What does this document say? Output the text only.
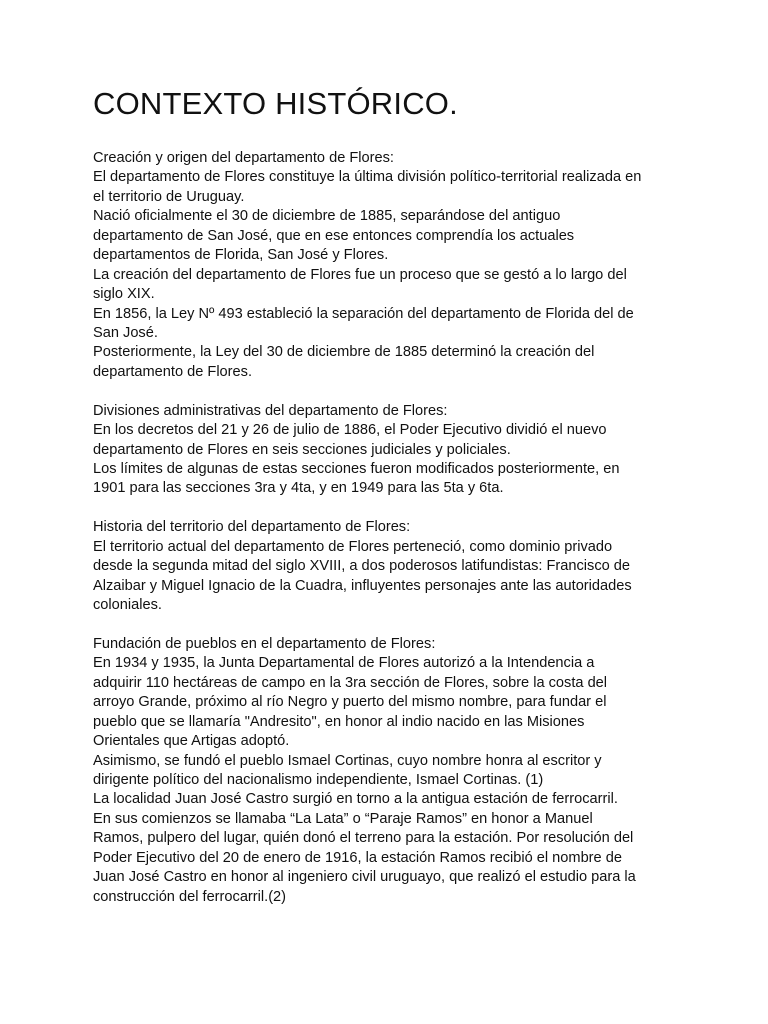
CONTEXTO HISTÓRICO.
Creación y origen del departamento de Flores:
El departamento de Flores constituye la última división político-territorial realizada en
el territorio de Uruguay.
Nació oficialmente el 30 de diciembre de 1885, separándose del antiguo
departamento de San José, que en ese entonces comprendía los actuales
departamentos de Florida, San José y Flores.
La creación del departamento de Flores fue un proceso que se gestó a lo largo del
siglo XIX.
En 1856, la Ley Nº 493 estableció la separación del departamento de Florida del de
San José.
Posteriormente, la Ley del 30 de diciembre de 1885 determinó la creación del
departamento de Flores.
Divisiones administrativas del departamento de Flores:
En los decretos del 21 y 26 de julio de 1886, el Poder Ejecutivo dividió el nuevo
departamento de Flores en seis secciones judiciales y policiales.
Los límites de algunas de estas secciones fueron modificados posteriormente, en
1901 para las secciones 3ra y 4ta, y en 1949 para las 5ta y 6ta.
Historia del territorio del departamento de Flores:
El territorio actual del departamento de Flores perteneció, como dominio privado
desde la segunda mitad del siglo XVIII, a dos poderosos latifundistas: Francisco de
Alzaibar y Miguel Ignacio de la Cuadra, influyentes personajes ante las autoridades
coloniales.
Fundación de pueblos en el departamento de Flores:
En 1934 y 1935, la Junta Departamental de Flores autorizó a la Intendencia a
adquirir 110 hectáreas de campo en la 3ra sección de Flores, sobre la costa del
arroyo Grande, próximo al río Negro y puerto del mismo nombre, para fundar el
pueblo que se llamaría "Andresito", en honor al indio nacido en las Misiones
Orientales que Artigas adoptó.
Asimismo, se fundó el pueblo Ismael Cortinas, cuyo nombre honra al escritor y
dirigente político del nacionalismo independiente, Ismael Cortinas. (1)
La localidad Juan José Castro surgió en torno a la antigua estación de ferrocarril.
En sus comienzos se llamaba “La Lata” o “Paraje Ramos” en honor a Manuel
Ramos, pulpero del lugar, quién donó el terreno para la estación. Por resolución del
Poder Ejecutivo del 20 de enero de 1916, la estación Ramos recibió el nombre de
Juan José Castro en honor al ingeniero civil uruguayo, que realizó el estudio para la
construcción del ferrocarril.(2)
